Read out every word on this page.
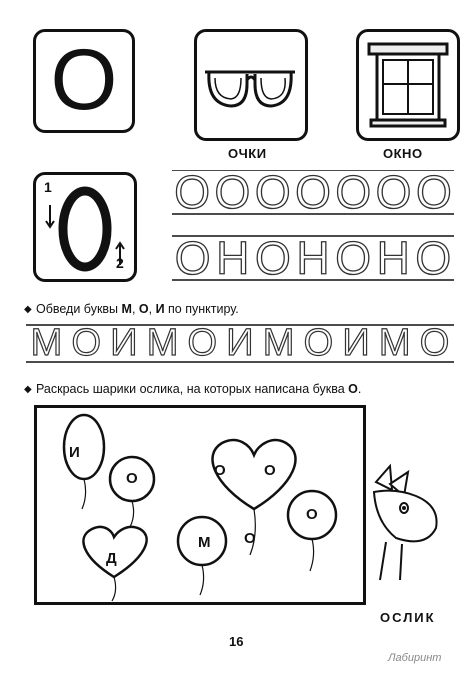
О
ОЧКИ	ОКНО
1
2
О О О О О О О
О Н О Н О Н О
◆ Обведи буквы М, О, И по пунктиру.
М О И М О И М О И М О
◆ Раскрась шарики ослика, на которых написана буква О.
И
О	О	О
Д
М О
О
ОСЛИК
16
Лабиринт
